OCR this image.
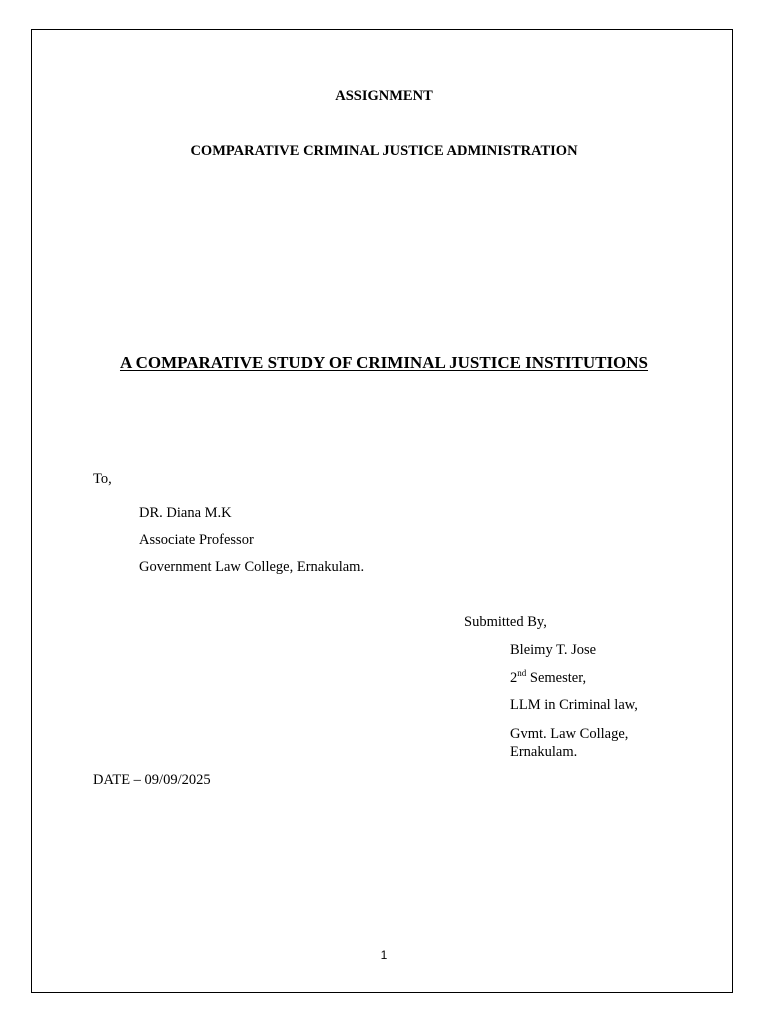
ASSIGNMENT
COMPARATIVE CRIMINAL JUSTICE ADMINISTRATION
A COMPARATIVE STUDY OF CRIMINAL JUSTICE INSTITUTIONS
To,
DR. Diana M.K
Associate Professor
Government Law College, Ernakulam.
Submitted By,
Bleimy T. Jose
2nd Semester,
LLM in Criminal law,
Gvmt. Law Collage,
Ernakulam.
DATE – 09/09/2025
1
